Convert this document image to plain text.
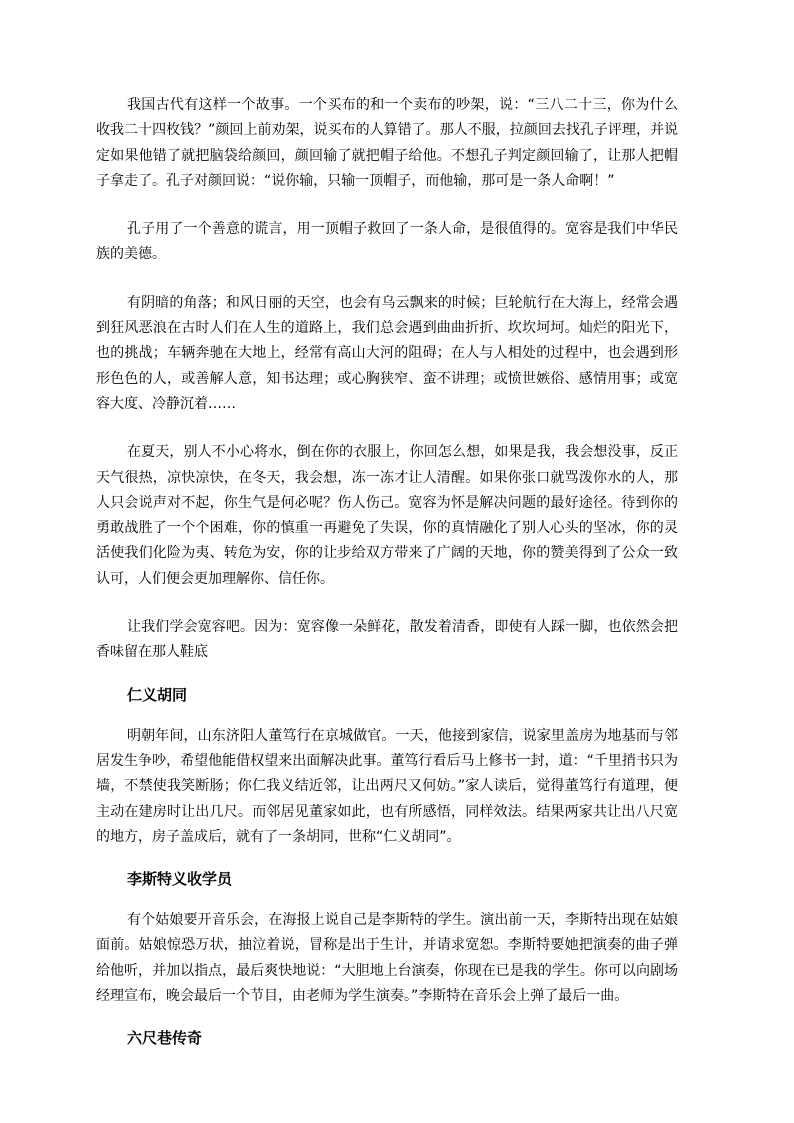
我国古代有这样一个故事。一个买布的和一个卖布的吵架，说：“三八二十三，你为什么收我二十四枚钱？”颜回上前劝架，说买布的人算错了。那人不服，拉颜回去找孔子评理，并说定如果他错了就把脑袋给颜回，颜回输了就把帽子给他。不想孔子判定颜回输了，让那人把帽子拿走了。孔子对颜回说：“说你输，只输一顶帽子，而他输，那可是一条人命啊！”

孔子用了一个善意的谎言，用一顶帽子救回了一条人命，是很值得的。宽容是我们中华民族的美德。

有阴暗的角落；和风日丽的天空，也会有乌云飘来的时候；巨轮航行在大海上，经常会遇到狂风恶浪在古时人们在人生的道路上，我们总会遇到曲曲折折、坎坎坷坷。灿烂的阳光下，也的挑战；车辆奔驰在大地上，经常有高山大河的阻碍；在人与人相处的过程中，也会遇到形形色色的人，或善解人意，知书达理；或心胸狭窄、蛮不讲理；或愤世嫉俗、感情用事；或宽容大度、冷静沉着……

在夏天，别人不小心将水，倒在你的衣服上，你回怎么想，如果是我，我会想没事，反正天气很热，凉快凉快，在冬天，我会想，冻一冻才让人清醒。如果你张口就骂泼你水的人，那人只会说声对不起，你生气是何必呢？伤人伤己。宽容为怀是解决问题的最好途径。待到你的勇敢战胜了一个个困难，你的慎重一再避免了失误，你的真情融化了别人心头的坚冰，你的灵活使我们化险为夷、转危为安，你的让步给双方带来了广阔的天地，你的赞美得到了公众一致认可，人们便会更加理解你、信任你。

让我们学会宽容吧。因为：宽容像一朵鲜花，散发着清香，即使有人踩一脚，也依然会把香味留在那人鞋底

仁义胡同

明朝年间，山东济阳人董笃行在京城做官。一天，他接到家信，说家里盖房为地基而与邻居发生争吵，希望他能借权望来出面解决此事。董笃行看后马上修书一封，道：“千里捎书只为墙，不禁使我笑断肠；你仁我义结近邻，让出两尺又何妨。”家人读后，觉得董笃行有道理，便主动在建房时让出几尺。而邻居见董家如此，也有所感悟，同样效法。结果两家共让出八尺宽的地方，房子盖成后，就有了一条胡同，世称“仁义胡同”。

李斯特义收学员

有个姑娘要开音乐会，在海报上说自己是李斯特的学生。演出前一天，李斯特出现在姑娘面前。姑娘惊恐万状，抽泣着说，冒称是出于生计，并请求宽恕。李斯特要她把演奏的曲子弹给他听，并加以指点，最后爽快地说：“大胆地上台演奏，你现在已是我的学生。你可以向剧场经理宣布，晚会最后一个节目，由老师为学生演奏。”李斯特在音乐会上弹了最后一曲。

六尺巷传奇
